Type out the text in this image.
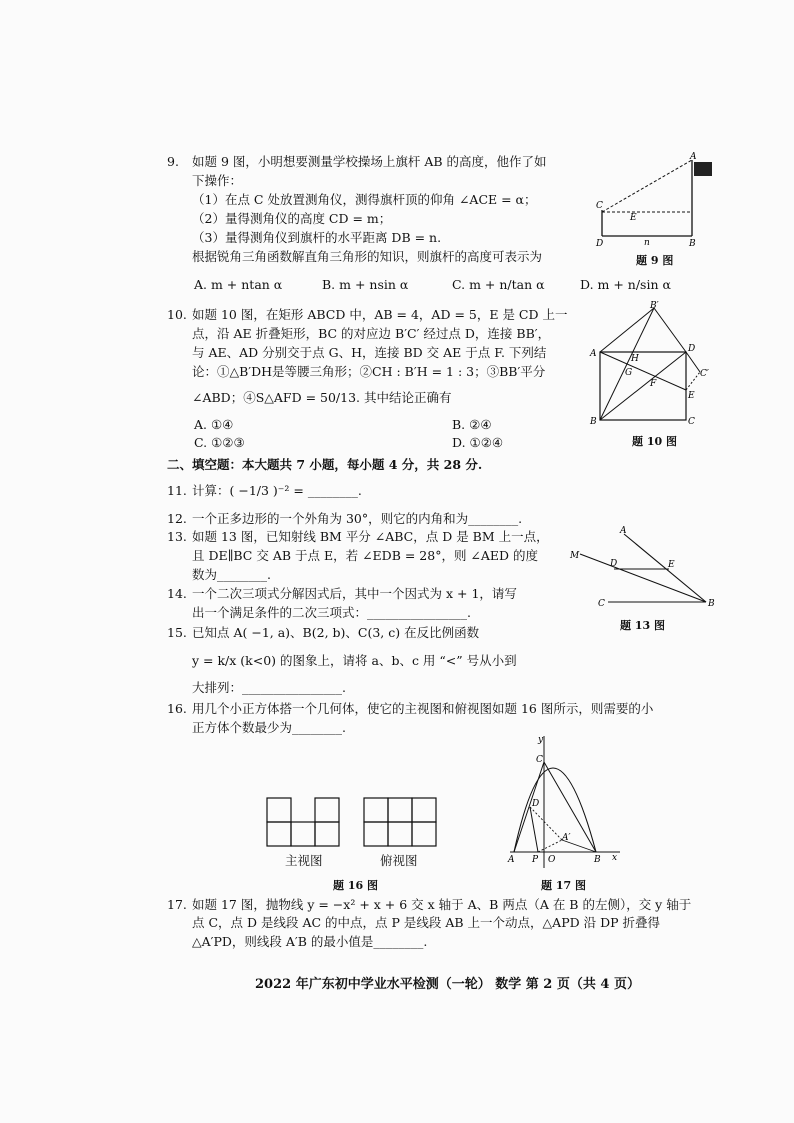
9. 如题 9 图，小明想要测量学校操场上旗杆 AB 的高度，他作了如
下操作：
（1）在点 C 处放置测角仪，测得旗杆顶的仰角 ∠ACE = α；
（2）量得测角仪的高度 CD = m；
（3）量得测角仪到旗杆的水平距离 DB = n.
根据锐角三角函数解直角三角形的知识，则旗杆的高度可表示为
A. m + ntan α	B. m + nsin α	C. m + n/tan α	D. m + n/sin α
A
C
E
D	B
n
题 9 图
10. 如题 10 图，在矩形 ABCD 中，AB = 4，AD = 5，E 是 CD 上一
点，沿 AE 折叠矩形，BC 的对应边 B′C′ 经过点 D，连接 BB′，
与 AE、AD 分别交于点 G、H，连接 BD 交 AE 于点 F. 下列结
论：①△B′DH是等腰三角形；②CH : B′H = 1 : 3；③BB′平分
∠ABD；④S△AFD = 50/13. 其中结论正确有
A. ①④	B. ②④
C. ①②③	D. ①②④
B′
A	D
C′
H
G
F
E
B	C
题 10 图
二、填空题：本大题共 7 小题，每小题 4 分，共 28 分.
11. 计算：( −1/3 )⁻² = ________.
12. 一个正多边形的一个外角为 30°，则它的内角和为________.
13. 如题 13 图，已知射线 BM 平分 ∠ABC，点 D 是 BM 上一点，
且 DE∥BC 交 AB 于点 E，若 ∠EDB = 28°，则 ∠AED 的度
数为________.
A
M
D	E
C	B
题 13 图
14. 一个二次三项式分解因式后，其中一个因式为 x + 1，请写
出一个满足条件的二次三项式：________________.
15. 已知点 A( −1, a)、B(2, b)、C(3, c) 在反比例函数
y = k/x (k<0) 的图象上，请将 a、b、c 用 “<” 号从小到
大排列：________________.
16. 用几个小正方体搭一个几何体，使它的主视图和俯视图如题 16 图所示，则需要的小
正方体个数最少为________.
主视图	俯视图
题 16 图
y
C
D
A′
A P O	B x
题 17 图
17. 如题 17 图，抛物线 y = −x² + x + 6 交 x 轴于 A、B 两点（A 在 B 的左侧），交 y 轴于
点 C，点 D 是线段 AC 的中点，点 P 是线段 AB 上一个动点，△APD 沿 DP 折叠得
△A′PD，则线段 A′B 的最小值是________.
2022 年广东初中学业水平检测（一轮） 数学 第 2 页（共 4 页）
